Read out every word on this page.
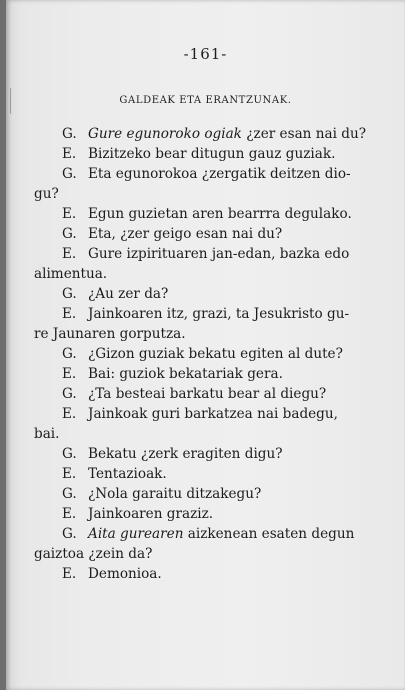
-161-
GALDEAK ETA ERANTZUNAK.
G. Gure egunoroko ogiak ¿zer esan nai du?
E. Bizitzeko bear ditugun gauz guziak.
G. Eta egunorokoa ¿zergatik deitzen dio-
gu?
E. Egun guzietan aren bearrra degulako.
G. Eta, ¿zer geigo esan nai du?
E. Gure izpirituaren jan-edan, bazka edo
alimentua.
G. ¿Au zer da?
E. Jainkoaren itz, grazi, ta Jesukristo gu-
re Jaunaren gorputza.
G. ¿Gizon guziak bekatu egiten al dute?
E. Bai: guziok bekatariak gera.
G. ¿Ta besteai barkatu bear al diegu?
E. Jainkoak guri barkatzea nai badegu,
bai.
G. Bekatu ¿zerk eragiten digu?
E. Tentazioak.
G. ¿Nola garaitu ditzakegu?
E. Jainkoaren graziz.
G. Aita gurearen aizkenean esaten degun
gaiztoa ¿zein da?
E. Demonioa.
